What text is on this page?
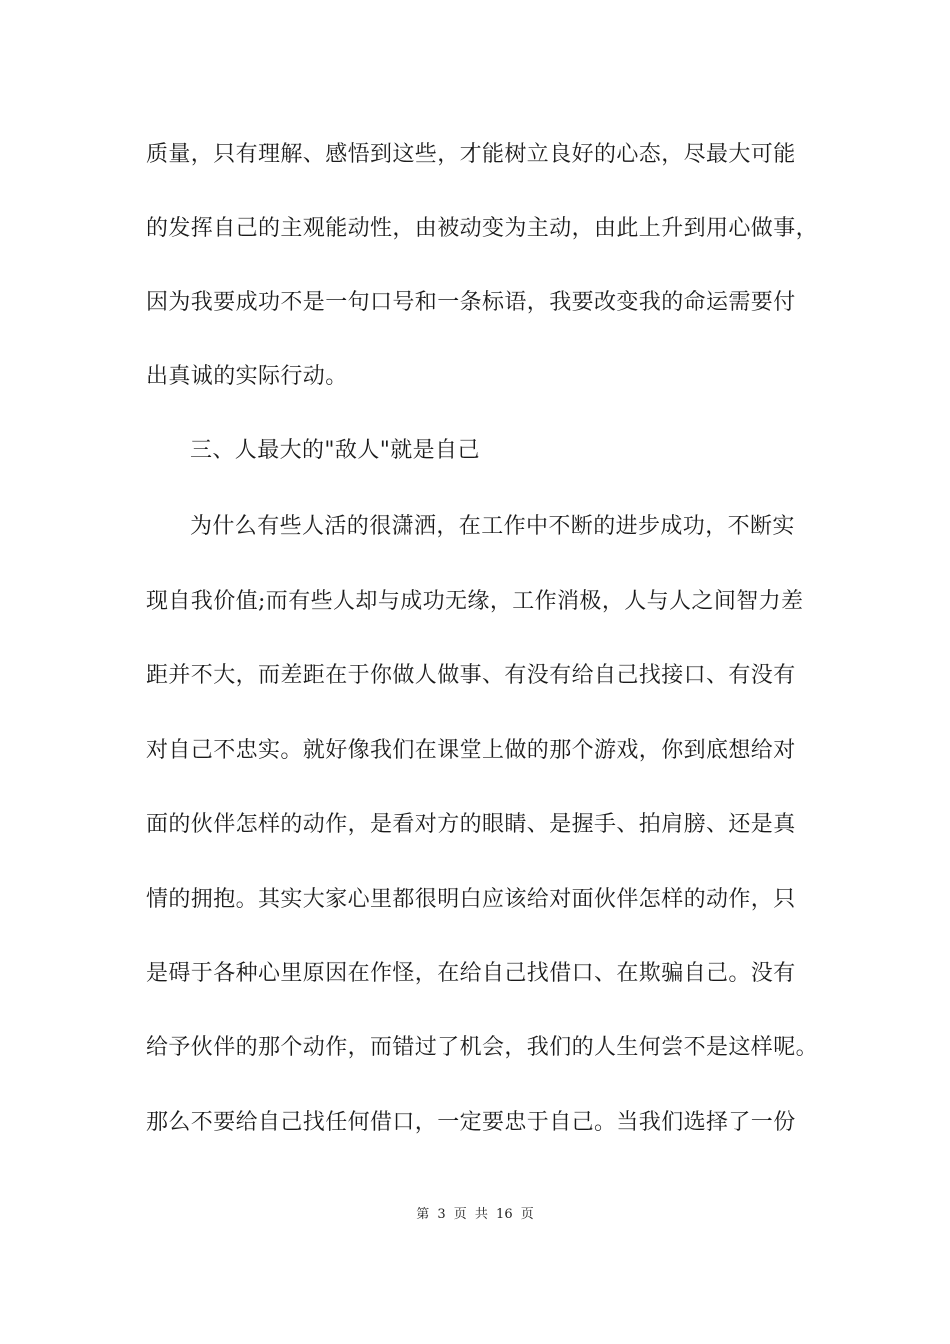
质量，只有理解、感悟到这些，才能树立良好的心态，尽最大可能
的发挥自己的主观能动性，由被动变为主动，由此上升到用心做事，
因为我要成功不是一句口号和一条标语，我要改变我的命运需要付
出真诚的实际行动。
三、人最大的"敌人"就是自己
为什么有些人活的很潇洒，在工作中不断的进步成功，不断实
现自我价值;而有些人却与成功无缘，工作消极，人与人之间智力差
距并不大，而差距在于你做人做事、有没有给自己找接口、有没有
对自己不忠实。就好像我们在课堂上做的那个游戏，你到底想给对
面的伙伴怎样的动作，是看对方的眼睛、是握手、拍肩膀、还是真
情的拥抱。其实大家心里都很明白应该给对面伙伴怎样的动作，只
是碍于各种心里原因在作怪，在给自己找借口、在欺骗自己。没有
给予伙伴的那个动作，而错过了机会，我们的人生何尝不是这样呢。
那么不要给自己找任何借口，一定要忠于自己。当我们选择了一份
第 3 页 共 16 页
